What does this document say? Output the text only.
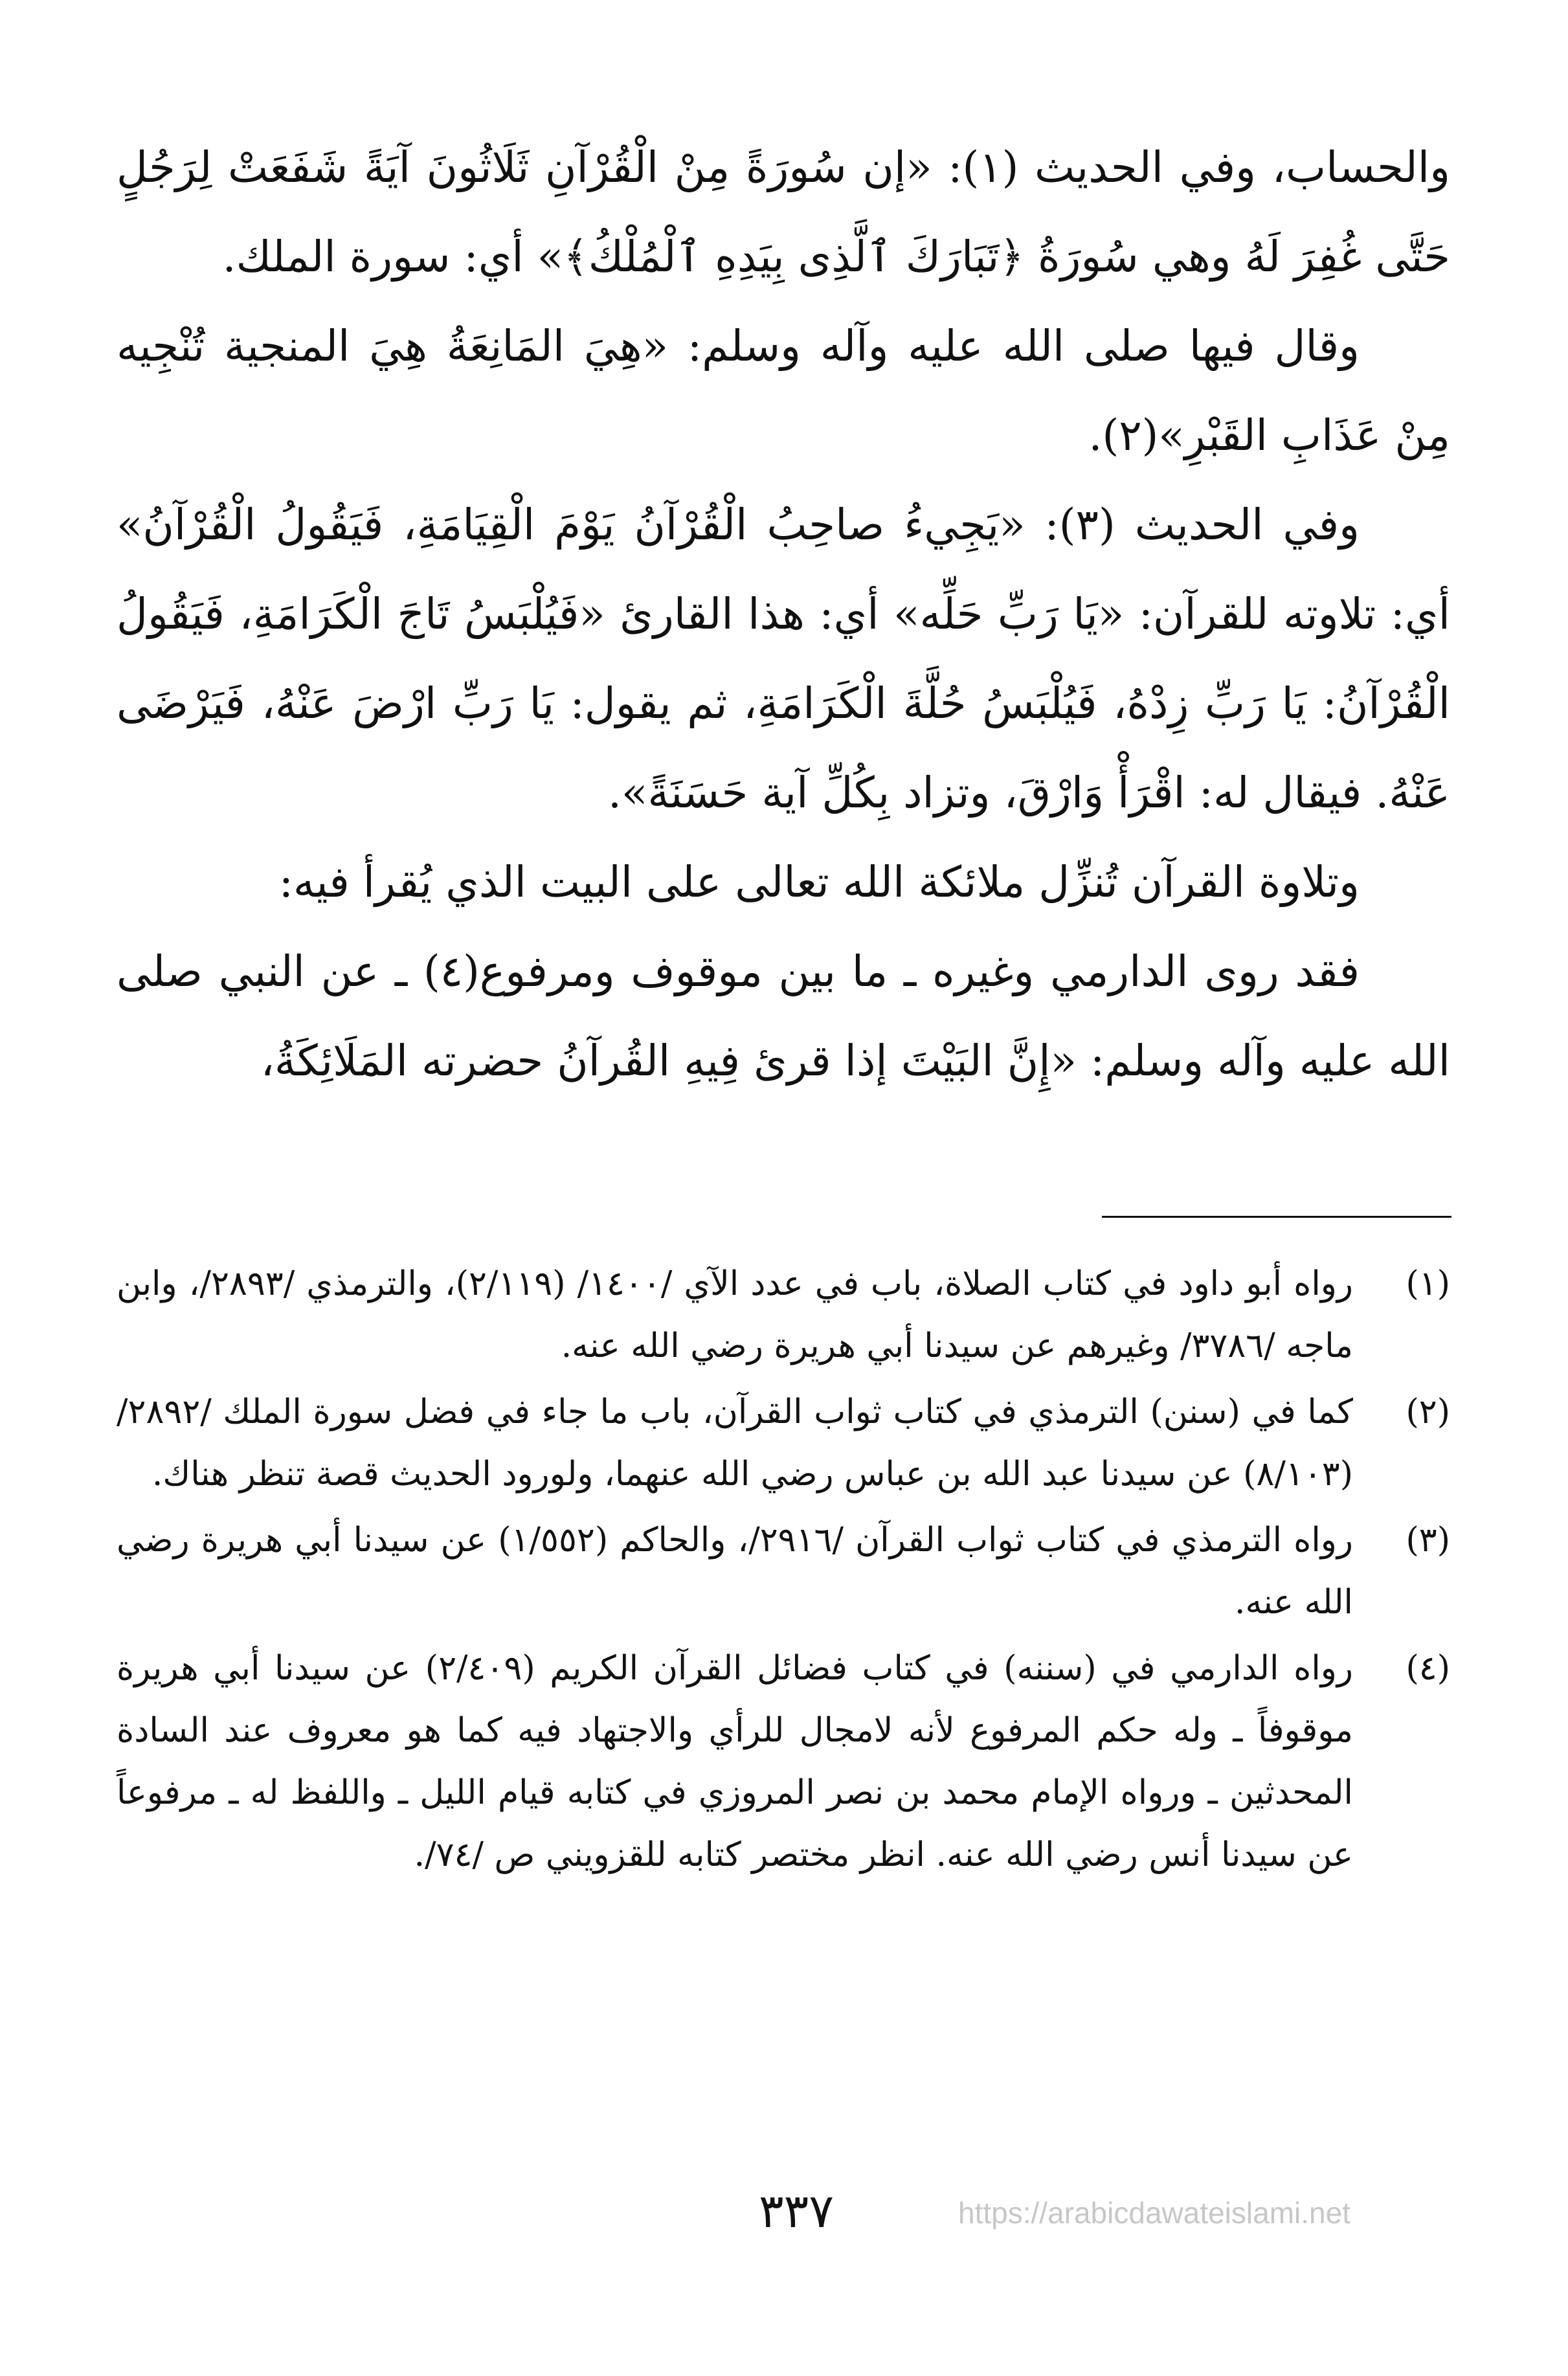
والحساب، وفي الحديث (١): «إن سُورَةً مِنْ الْقُرْآنِ ثَلَاثُونَ آيَةً شَفَعَتْ لِرَجُلٍ حَتَّى غُفِرَ لَهُ وهي سُورَةُ ﴿تَبَارَكَ ٱلَّذِى بِيَدِهِ ٱلْمُلْكُ﴾» أي: سورة الملك.

وقال فيها صلى الله عليه وآله وسلم: «هِيَ المَانِعَةُ هِيَ المنجية تُنْجِيه مِنْ عَذَابِ القَبْرِ»(٢).

وفي الحديث (٣): «يَجِيءُ صاحِبُ الْقُرْآنُ يَوْمَ الْقِيَامَةِ، فَيَقُولُ الْقُرْآنُ» أي: تلاوته للقرآن: «يَا رَبِّ حَلِّه» أي: هذا القارئ «فَيُلْبَسُ تَاجَ الْكَرَامَةِ، فَيَقُولُ الْقُرْآنُ: يَا رَبِّ زِدْهُ، فَيُلْبَسُ حُلَّةَ الْكَرَامَةِ، ثم يقول: يَا رَبِّ ارْضَ عَنْهُ، فَيَرْضَى عَنْهُ. فيقال له: اقْرَأْ وَارْقَ، وتزاد بِكُلِّ آية حَسَنَةً».

وتلاوة القرآن تُنزِّل ملائكة الله تعالى على البيت الذي يُقرأ فيه:

فقد روى الدارمي وغيره ـ ما بين موقوف ومرفوع(٤) ـ عن النبي صلى الله عليه وآله وسلم: «إِنَّ البَيْتَ إذا قرئ فِيهِ القُرآنُ حضرته المَلَائِكَةُ،

(١)
رواه أبو داود في كتاب الصلاة، باب في عدد الآي /١٤٠٠/ (٢/١١٩)، والترمذي /٢٨٩٣/، وابن ماجه /٣٧٨٦/ وغيرهم عن سيدنا أبي هريرة رضي الله عنه.
(٢)
كما في (سنن) الترمذي في كتاب ثواب القرآن، باب ما جاء في فضل سورة الملك /٢٨٩٢/ (٨/١٠٣) عن سيدنا عبد الله بن عباس رضي الله عنهما، ولورود الحديث قصة تنظر هناك.
(٣)
رواه الترمذي في كتاب ثواب القرآن /٢٩١٦/، والحاكم (١/٥٥٢) عن سيدنا أبي هريرة رضي الله عنه.
(٤)
رواه الدارمي في (سننه) في كتاب فضائل القرآن الكريم (٢/٤٠٩) عن سيدنا أبي هريرة موقوفاً ـ وله حكم المرفوع لأنه لامجال للرأي والاجتهاد فيه كما هو معروف عند السادة المحدثين ـ ورواه الإمام محمد بن نصر المروزي في كتابه قيام الليل ـ واللفظ له ـ مرفوعاً عن سيدنا أنس رضي الله عنه. انظر مختصر كتابه للقزويني ص /٧٤/.
٣٣٧	https://arabicdawateislami.net
